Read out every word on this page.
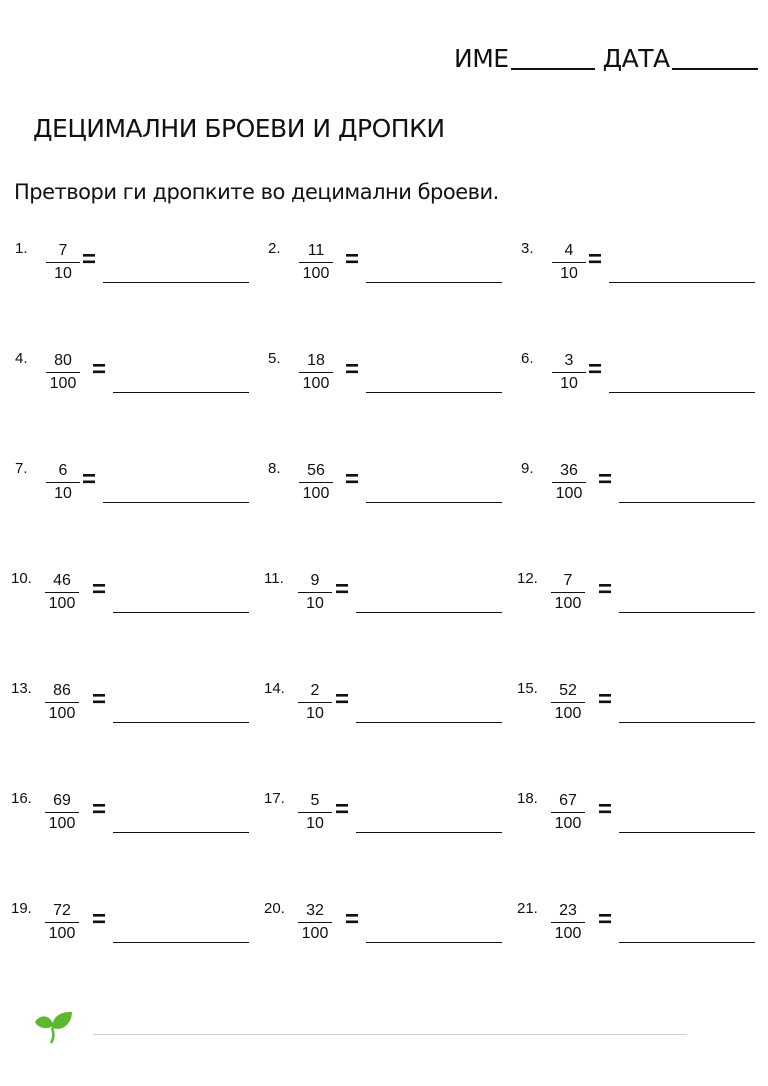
ИМЕ	ДАТА
ДЕЦИМАЛНИ БРОЕВИ И ДРОПКИ
Претвори ги дропките во децимални броеви.
1. 7
10
=	2. 11
100
=	3. 4
10
=
4. 80
100
=	5. 18
100
=	6. 3
10
=
7. 6
10
=	8. 56
100
=	9. 36
100
=
10. 46
100
=	11. 9
10
=	12. 7
100
=
13. 86
100
=	14. 2
10
=	15. 52
100
=
16. 69
100
=	17. 5
10
=	18. 67
100
=
19. 72
100
=	20. 32
100
=	21. 23
100
=
